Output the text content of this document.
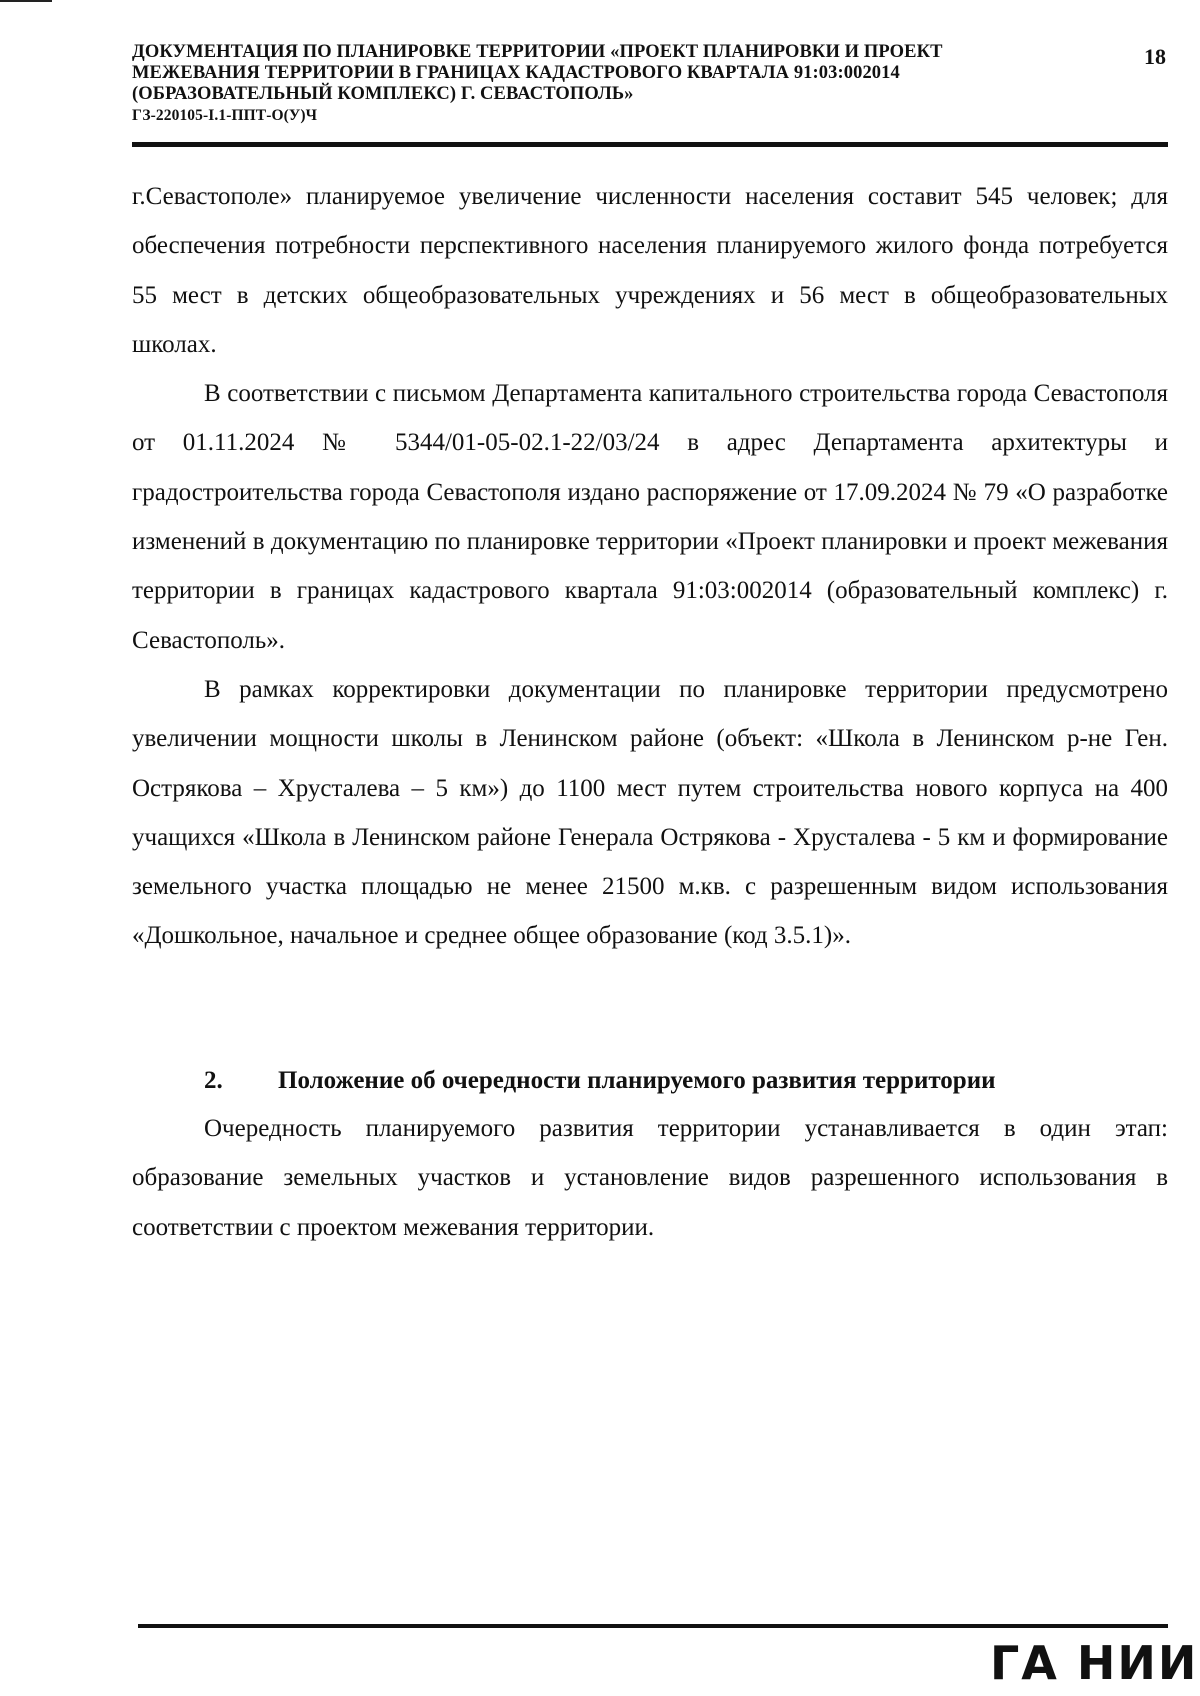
ДОКУМЕНТАЦИЯ ПО ПЛАНИРОВКЕ ТЕРРИТОРИИ «ПРОЕКТ ПЛАНИРОВКИ И ПРОЕКТ
МЕЖЕВАНИЯ ТЕРРИТОРИИ В ГРАНИЦАХ КАДАСТРОВОГО КВАРТАЛА 91:03:002014
(ОБРАЗОВАТЕЛЬНЫЙ КОМПЛЕКС) Г. СЕВАСТОПОЛЬ»
ГЗ-220105-I.1-ППТ-О(У)Ч
18

г.Севастополе» планируемое увеличение численности населения составит 545 человек; для обеспечения потребности перспективного населения планируемого жилого фонда потребуется 55 мест в детских общеобразовательных учреждениях и 56 мест в общеобразовательных школах.

В соответствии с письмом Департамента капитального строительства города Севастополя от 01.11.2024 № 5344/01-05-02.1-22/03/24 в адрес Департамента архитектуры и градостроительства города Севастополя издано распоряжение от 17.09.2024 № 79 «О разработке изменений в документацию по планировке территории «Проект планировки и проект межевания территории в границах кадастрового квартала 91:03:002014 (образовательный комплекс) г. Севастополь».

В рамках корректировки документации по планировке территории предусмотрено увеличении мощности школы в Ленинском районе (объект: «Школа в Ленинском р-не Ген. Острякова – Хрусталева – 5 км») до 1100 мест путем строительства нового корпуса на 400 учащихся «Школа в Ленинском районе Генерала Острякова - Хрусталева - 5 км и формирование земельного участка площадью не менее 21500 м.кв. с разрешенным видом использования «Дошкольное, начальное и среднее общее образование (код 3.5.1)».

2. Положение об очередности планируемого развития территории

Очередность планируемого развития территории устанавливается в один этап: образование земельных участков и установление видов разрешенного использования в соответствии с проектом межевания территории.

ГА НИИ
